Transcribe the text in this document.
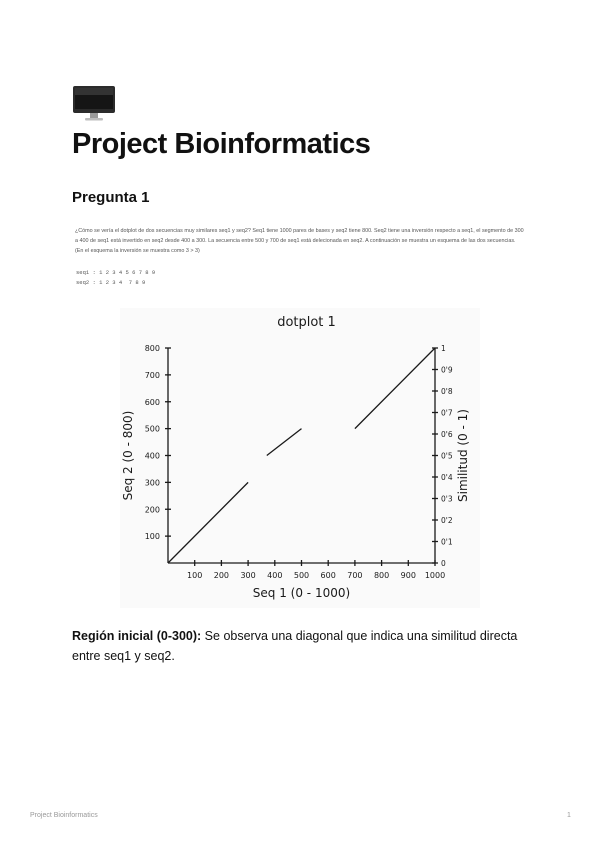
Project Bioinformatics
Pregunta 1

¿Cómo se vería el dotplot de dos secuencias muy similares seq1 y seq2? Seq1 tiene 1000 pares de bases y seq2 tiene 800. Seq2 tiene una inversión respecto a seq1, el segmento de 300 a 400 de seq1 está invertido en seq2 desde 400 a 300. La secuencia entre 500 y 700 de seq1 está delecionada en seq2. A continuación se muestra un esquema de las dos secuencias. (En el esquema la inversión se muestra como 3 > 3)

seq1 : 1 2 3 4 5 6 7 8 9
seq2 : 1 2 3 4  7 8 9
dotplot 1
100 200 300 400 500 600 700 800 900 1000
100
200
300
400
500
600
700
800
0
0'1
0'2
0'3
0'4
0'5
0'6
0'7
0'8
0'9
1
Seq 1 (0 - 1000)
Seq 2 (0 - 800)	Similitud (0 - 1)

Región inicial (0-300): Se observa una diagonal que indica una similitud directa entre seq1 y seq2.

Project Bioinformatics	1
